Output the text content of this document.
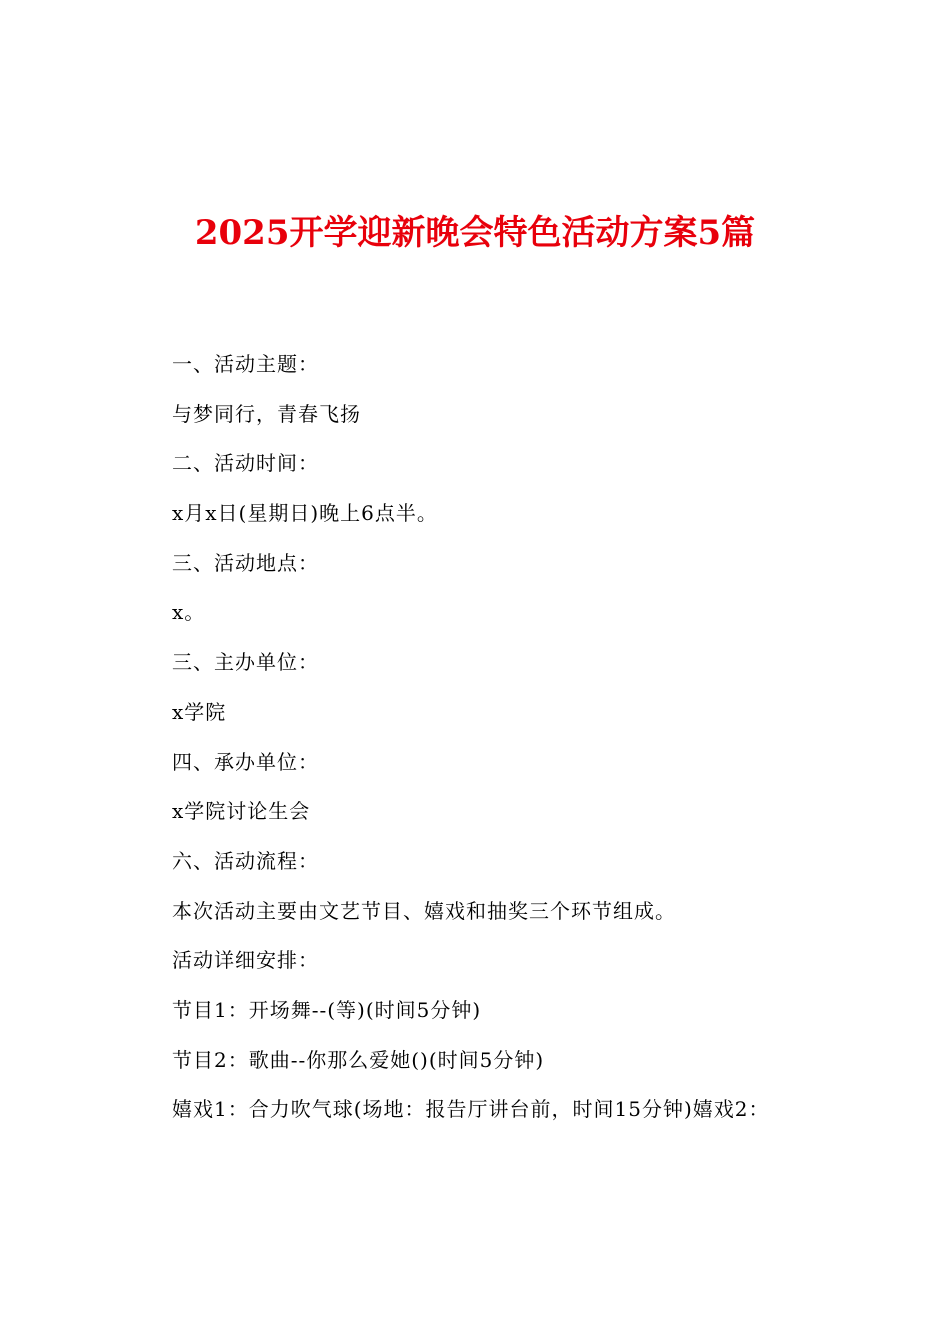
2025开学迎新晚会特色活动方案5篇
一、活动主题：
与梦同行，青春飞扬
二、活动时间：
x月x日(星期日)晚上6点半。
三、活动地点：
x。
三、主办单位：
x学院
四、承办单位：
x学院讨论生会
六、活动流程：
本次活动主要由文艺节目、嬉戏和抽奖三个环节组成。
活动详细安排：
节目1：开场舞--(等)(时间5分钟)
节目2：歌曲--你那么爱她()(时间5分钟)
嬉戏1：合力吹气球(场地：报告厅讲台前，时间15分钟)嬉戏2：
